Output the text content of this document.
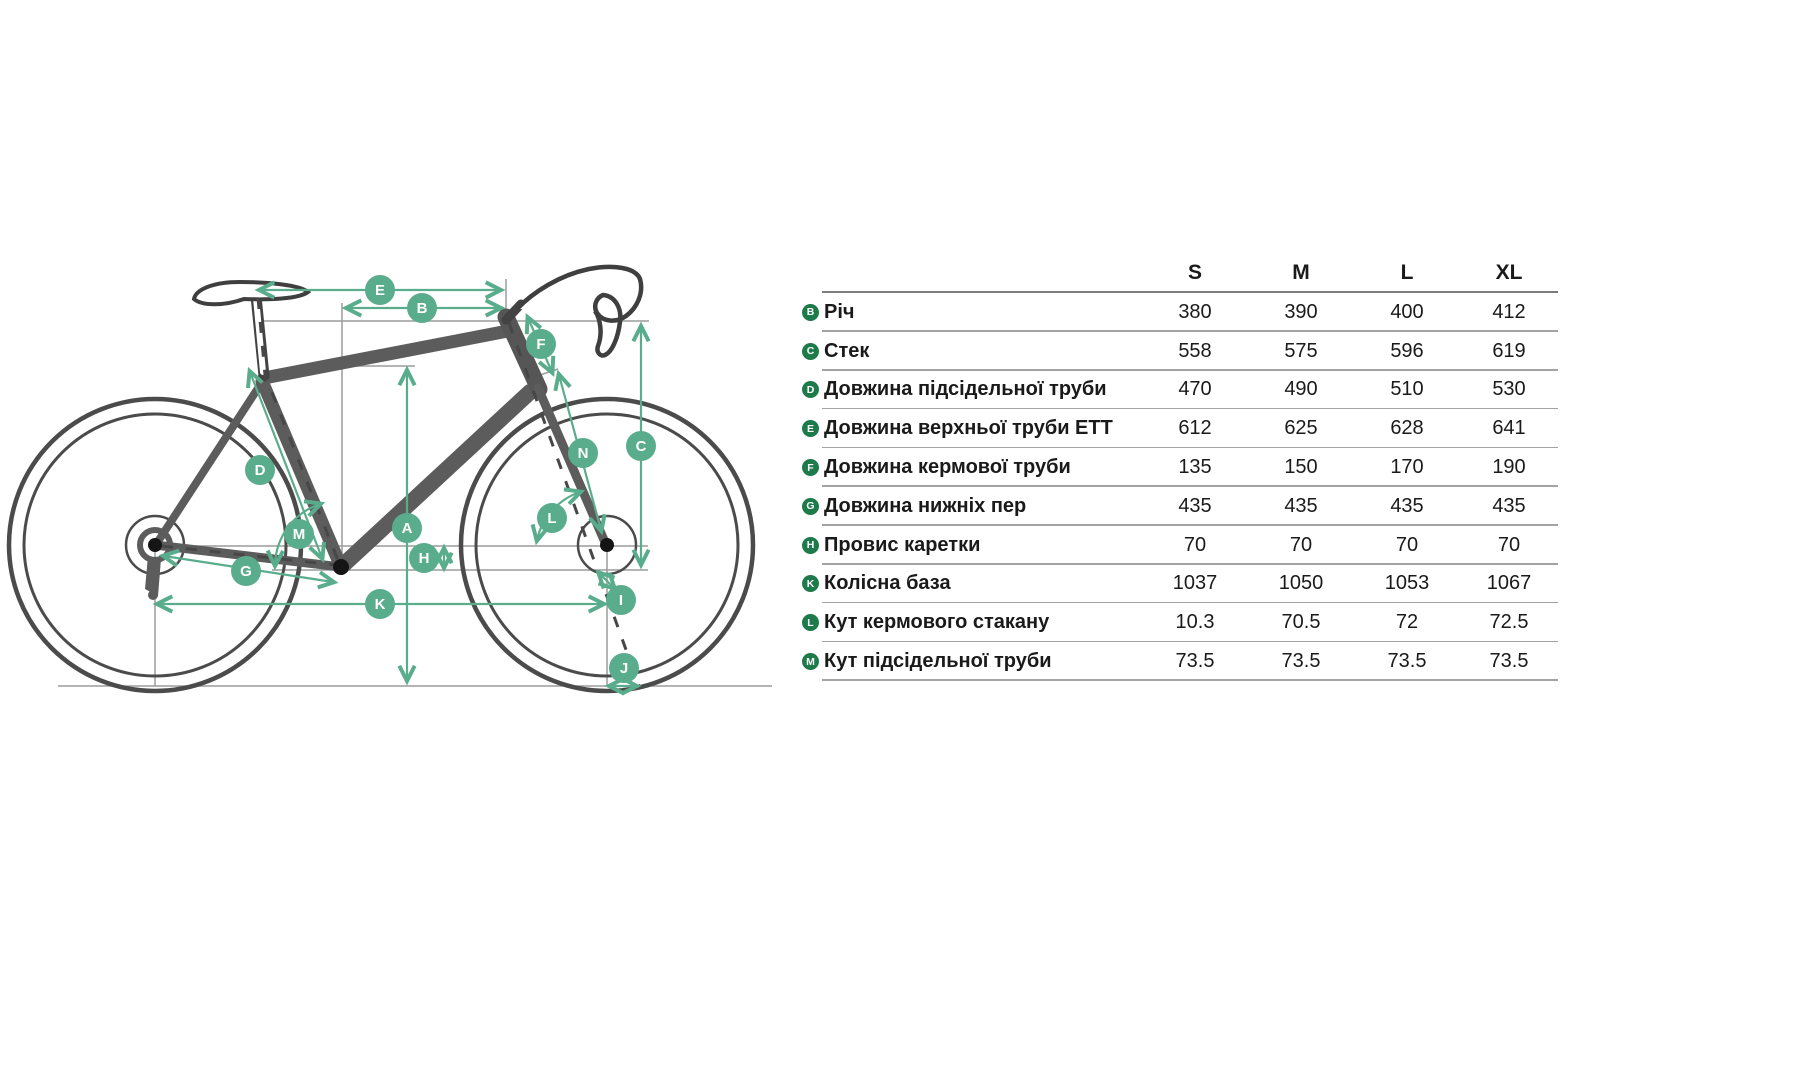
E
B
F
C
N
D
M	A
H
G
K
L
I
J
S	M	L	XL
B Річ	380	390	400	412
C Стек	558	575	596	619
D Довжина підсідельної труби	470	490	510	530
E Довжина верхньої труби ETT	612	625	628	641
F Довжина кермової труби	135	150	170	190
G Довжина нижніх пер	435	435	435	435
H Провис каретки	70	70	70	70
K Колісна база	1037	1050	1053	1067
L Кут кермового стакану	10.3	70.5	72	72.5
M Кут підсідельної труби	73.5	73.5	73.5	73.5
